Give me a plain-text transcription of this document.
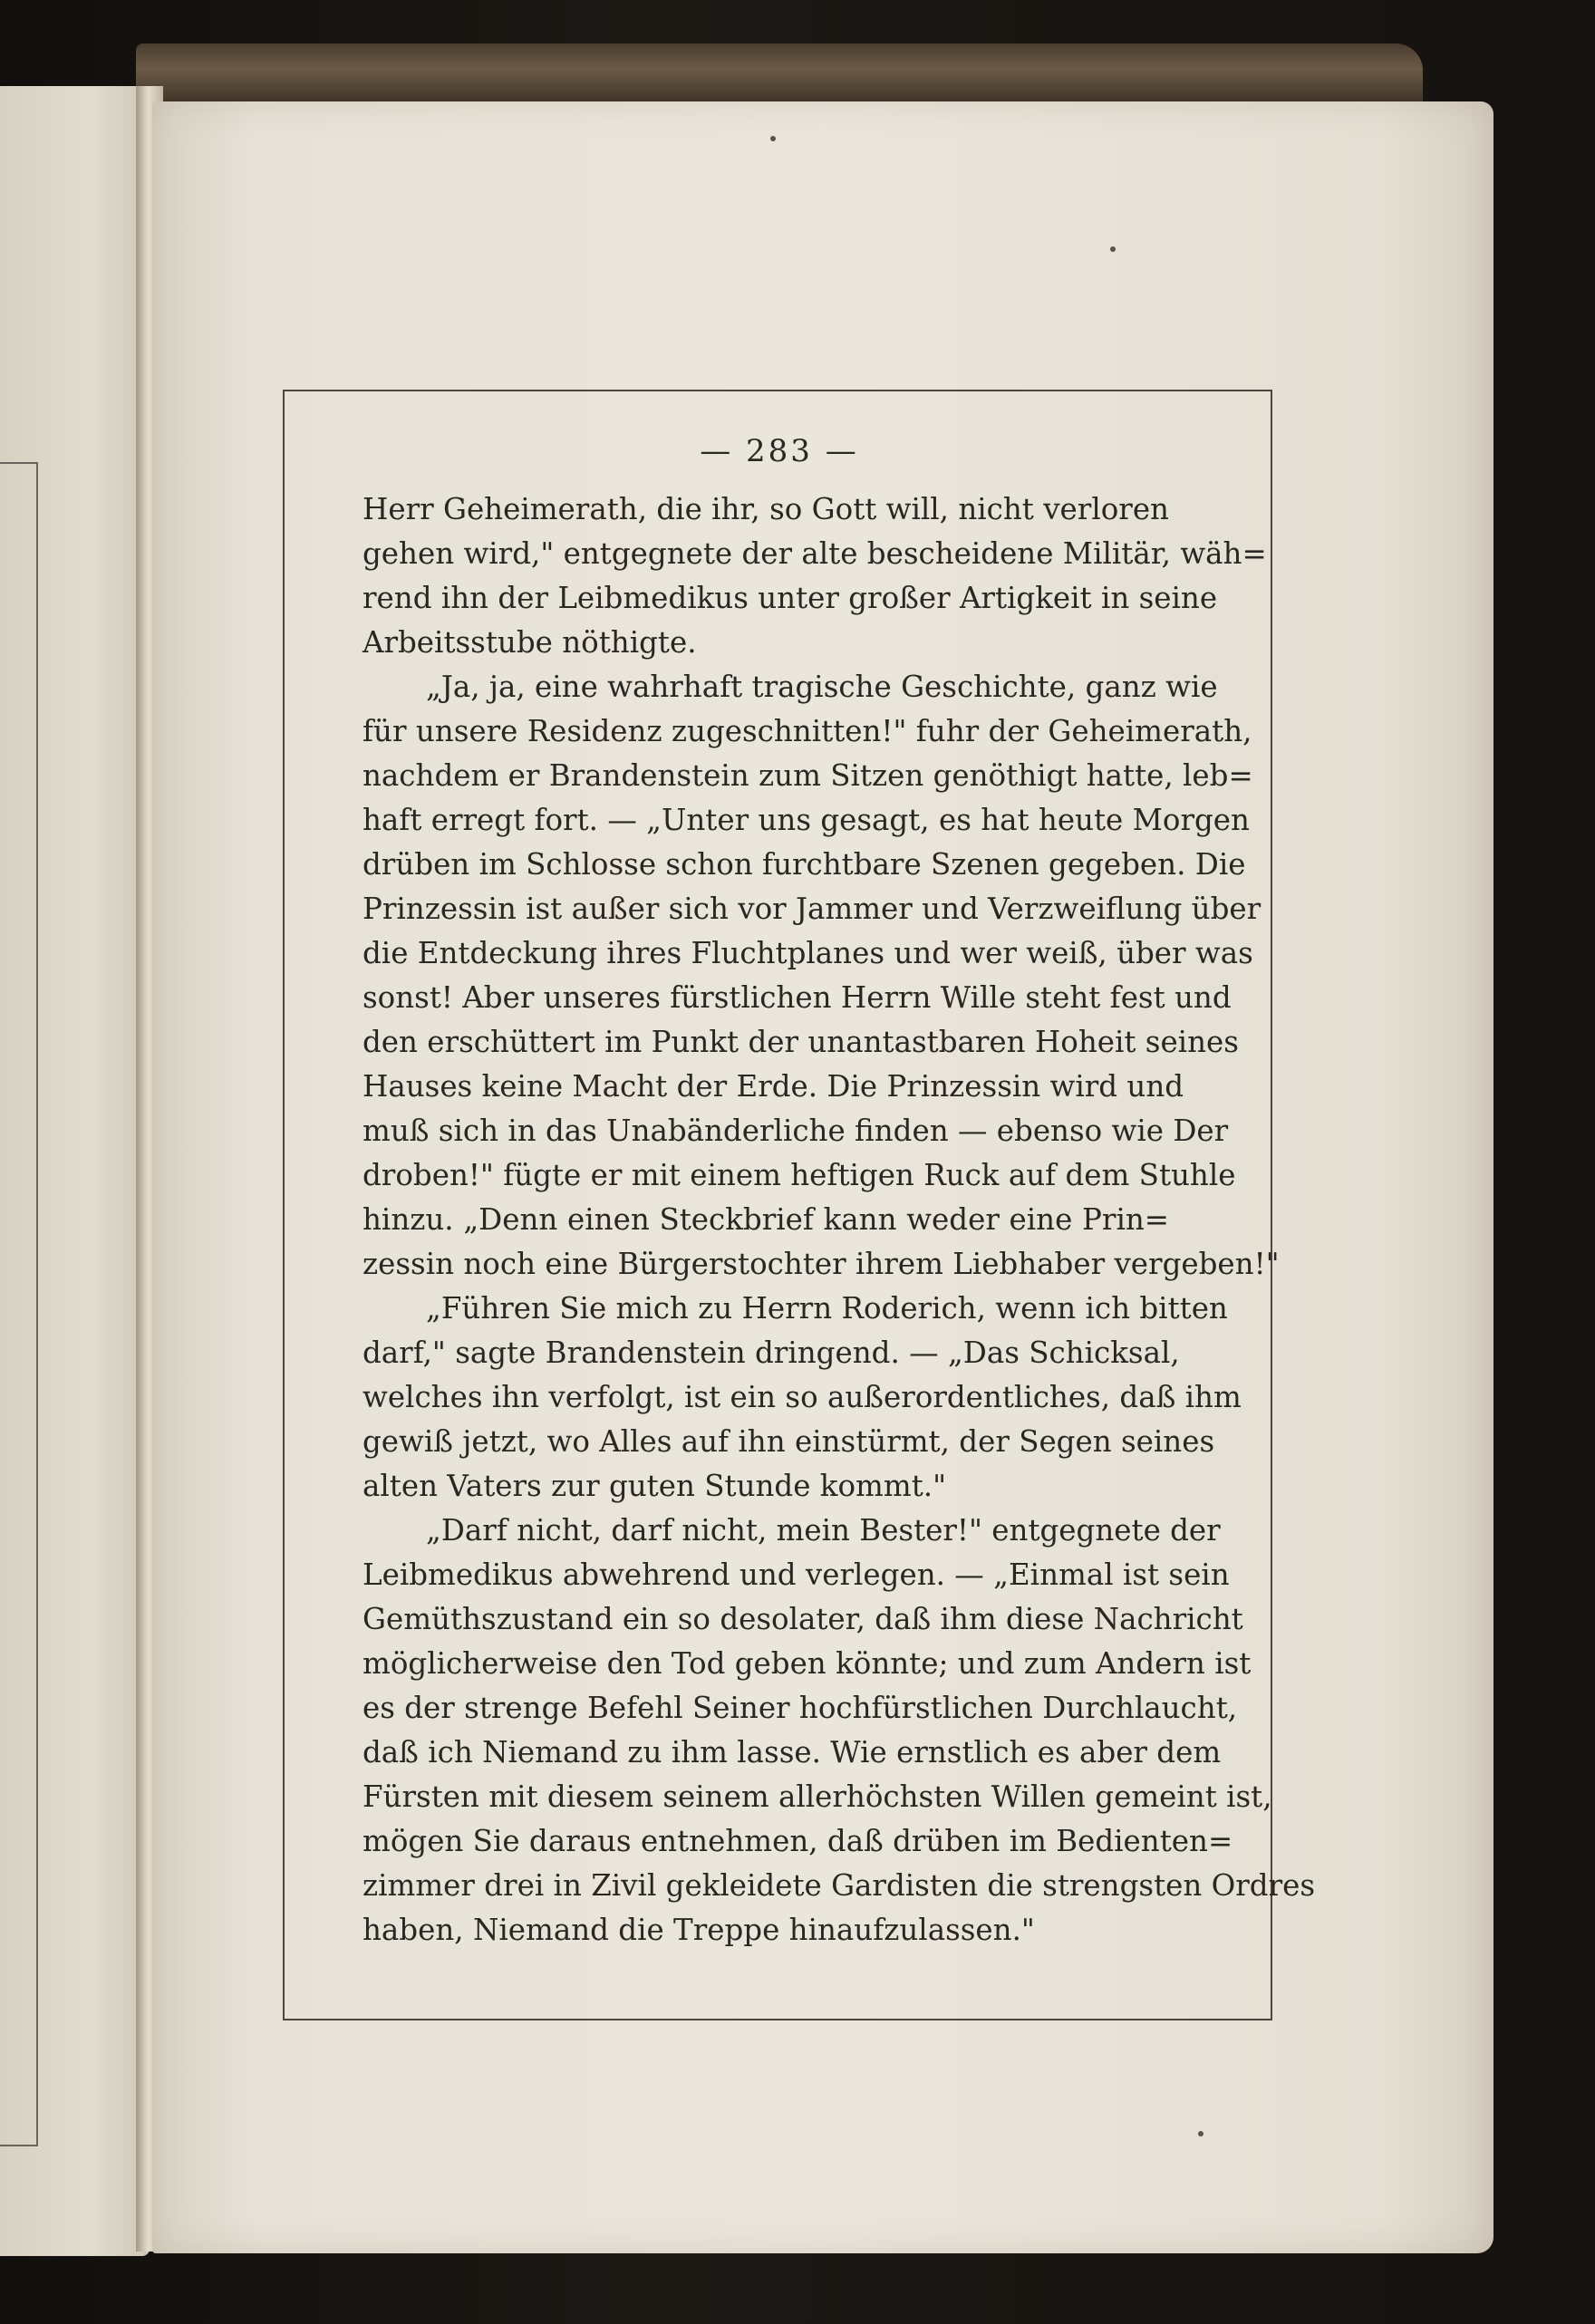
— 283 —
Herr Geheimerath, die ihr, so Gott will, nicht verloren
gehen wird," entgegnete der alte bescheidene Militär, wäh=
rend ihn der Leibmedikus unter großer Artigkeit in seine
Arbeitsstube nöthigte.
„Ja, ja, eine wahrhaft tragische Geschichte, ganz wie
für unsere Residenz zugeschnitten!" fuhr der Geheimerath,
nachdem er Brandenstein zum Sitzen genöthigt hatte, leb=
haft erregt fort. — „Unter uns gesagt, es hat heute Morgen
drüben im Schlosse schon furchtbare Szenen gegeben. Die
Prinzessin ist außer sich vor Jammer und Verzweiflung über
die Entdeckung ihres Fluchtplanes und wer weiß, über was
sonst! Aber unseres fürstlichen Herrn Wille steht fest und
den erschüttert im Punkt der unantastbaren Hoheit seines
Hauses keine Macht der Erde. Die Prinzessin wird und
muß sich in das Unabänderliche finden — ebenso wie Der
droben!" fügte er mit einem heftigen Ruck auf dem Stuhle
hinzu. „Denn einen Steckbrief kann weder eine Prin=
zessin noch eine Bürgerstochter ihrem Liebhaber vergeben!"
„Führen Sie mich zu Herrn Roderich, wenn ich bitten
darf," sagte Brandenstein dringend. — „Das Schicksal,
welches ihn verfolgt, ist ein so außerordentliches, daß ihm
gewiß jetzt, wo Alles auf ihn einstürmt, der Segen seines
alten Vaters zur guten Stunde kommt."
„Darf nicht, darf nicht, mein Bester!" entgegnete der
Leibmedikus abwehrend und verlegen. — „Einmal ist sein
Gemüthszustand ein so desolater, daß ihm diese Nachricht
möglicherweise den Tod geben könnte; und zum Andern ist
es der strenge Befehl Seiner hochfürstlichen Durchlaucht,
daß ich Niemand zu ihm lasse. Wie ernstlich es aber dem
Fürsten mit diesem seinem allerhöchsten Willen gemeint ist,
mögen Sie daraus entnehmen, daß drüben im Bedienten=
zimmer drei in Zivil gekleidete Gardisten die strengsten Ordres
haben, Niemand die Treppe hinaufzulassen."
